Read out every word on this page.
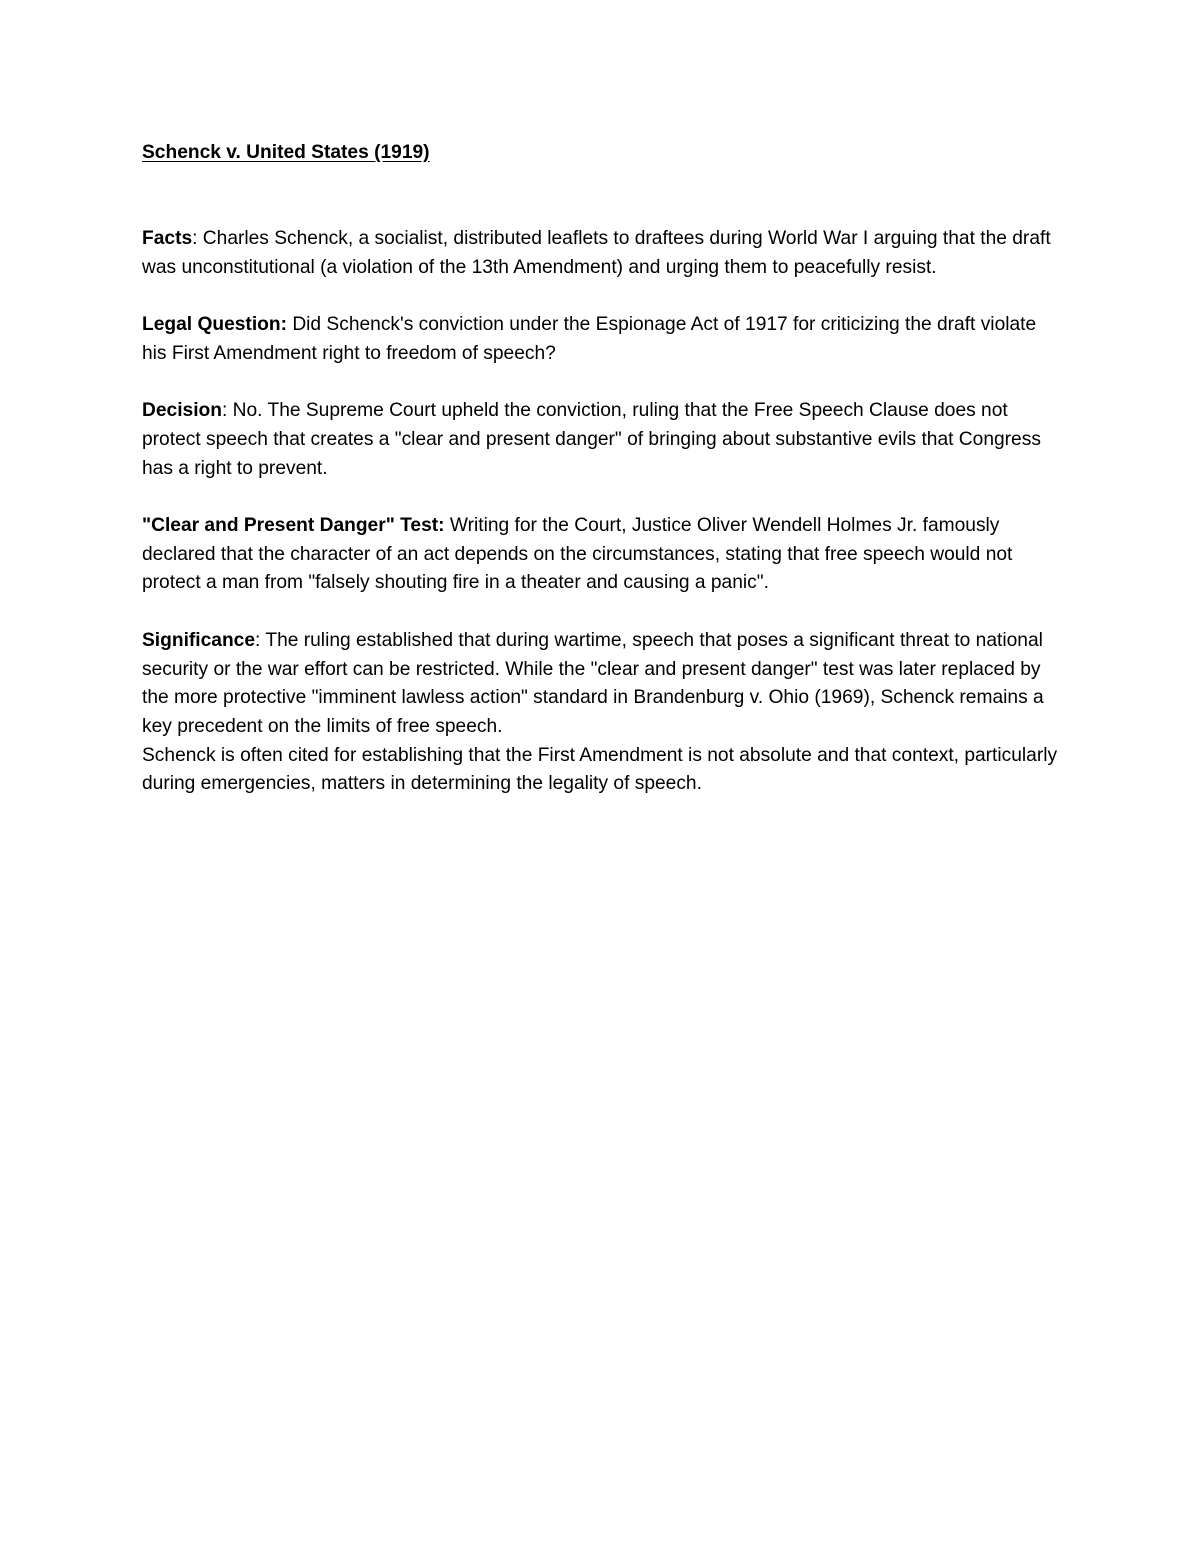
Schenck v. United States (1919)

Facts: Charles Schenck, a socialist, distributed leaflets to draftees during World War I arguing that the draft was unconstitutional (a violation of the 13th Amendment) and urging them to peacefully resist.

Legal Question: Did Schenck's conviction under the Espionage Act of 1917 for criticizing the draft violate his First Amendment right to freedom of speech?

Decision: No. The Supreme Court upheld the conviction, ruling that the Free Speech Clause does not protect speech that creates a "clear and present danger" of bringing about substantive evils that Congress has a right to prevent.

"Clear and Present Danger" Test: Writing for the Court, Justice Oliver Wendell Holmes Jr. famously declared that the character of an act depends on the circumstances, stating that free speech would not protect a man from "falsely shouting fire in a theater and causing a panic".

Significance: The ruling established that during wartime, speech that poses a significant threat to national security or the war effort can be restricted. While the "clear and present danger" test was later replaced by the more protective "imminent lawless action" standard in Brandenburg v. Ohio (1969), Schenck remains a key precedent on the limits of free speech.

Schenck is often cited for establishing that the First Amendment is not absolute and that context, particularly during emergencies, matters in determining the legality of speech.
